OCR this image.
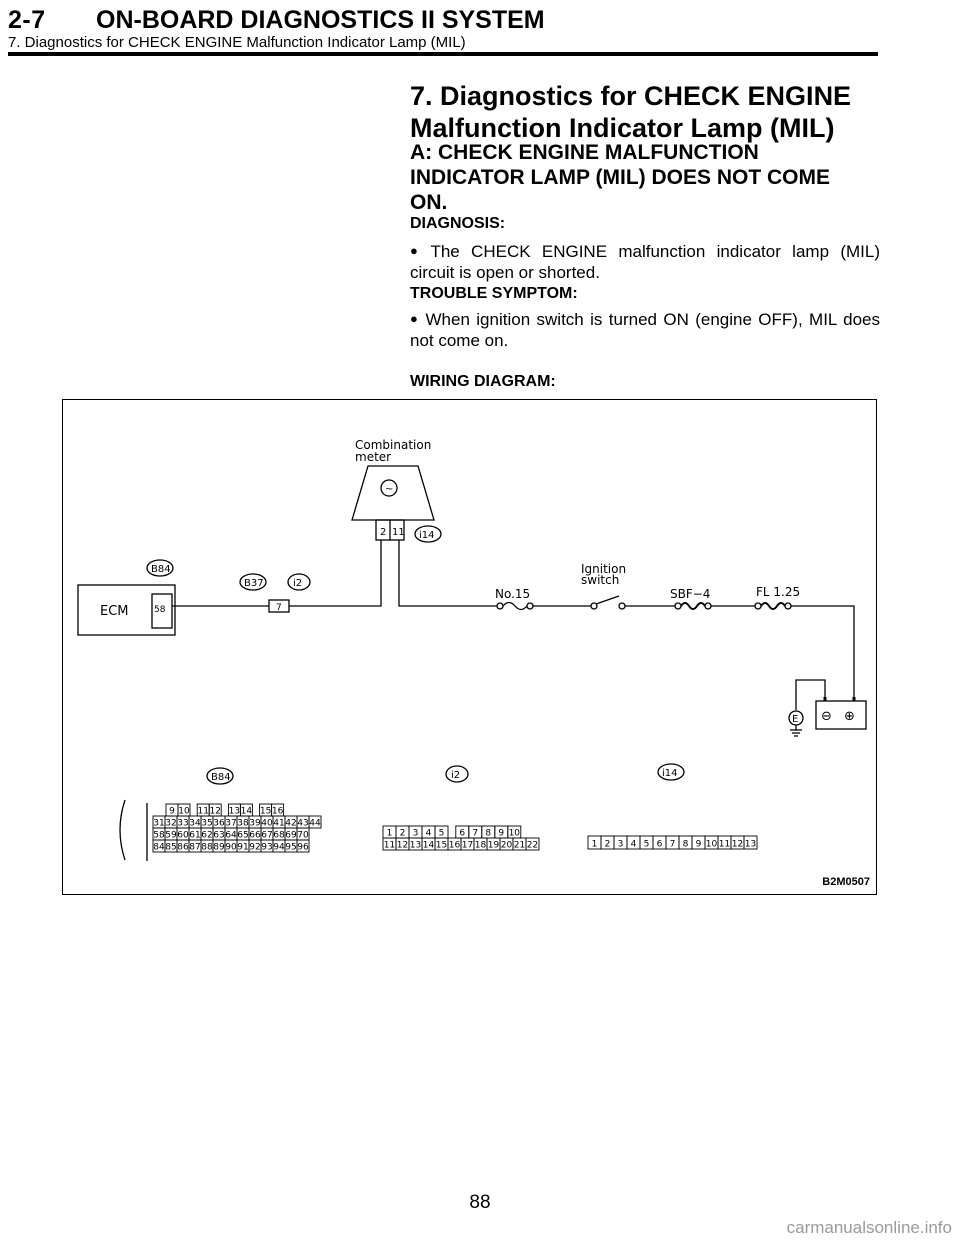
2-7 ON-BOARD DIAGNOSTICS II SYSTEM
7. Diagnostics for CHECK ENGINE Malfunction Indicator Lamp (MIL)
7. Diagnostics for CHECK ENGINE
Malfunction Indicator Lamp (MIL)
A: CHECK ENGINE MALFUNCTION
INDICATOR LAMP (MIL) DOES NOT COME
ON.
DIAGNOSIS:
● The CHECK ENGINE malfunction indicator lamp (MIL) circuit is open or shorted.
TROUBLE SYMPTOM:
● When ignition switch is turned ON (engine OFF), MIL does not come on.
WIRING DIAGRAM:
Combination
meter
~
2 11 i14
B84
ECM	58
B37	i2
7
No.15
Ignition
switch
SBF−4	FL 1.25
⊖ ⊕
E
B84
9 10 11 12 13 14 15 16
31 32 33 34 35 36 37 38 39 40 41 42 43 44
58 59 60 61 62 63 64 65 66 67 68 69 70
84 85 86 87 88 89 90 91 92 93 94 95 96
i2
1 2 3 4 5 6 7 8 9 10
11 12 13 14 15 16 17 18 19 20 21 22
i14
1 2 3 4 5 6 7 8 9 10 11 12 13
B2M0507
88
carmanualsonline.info
